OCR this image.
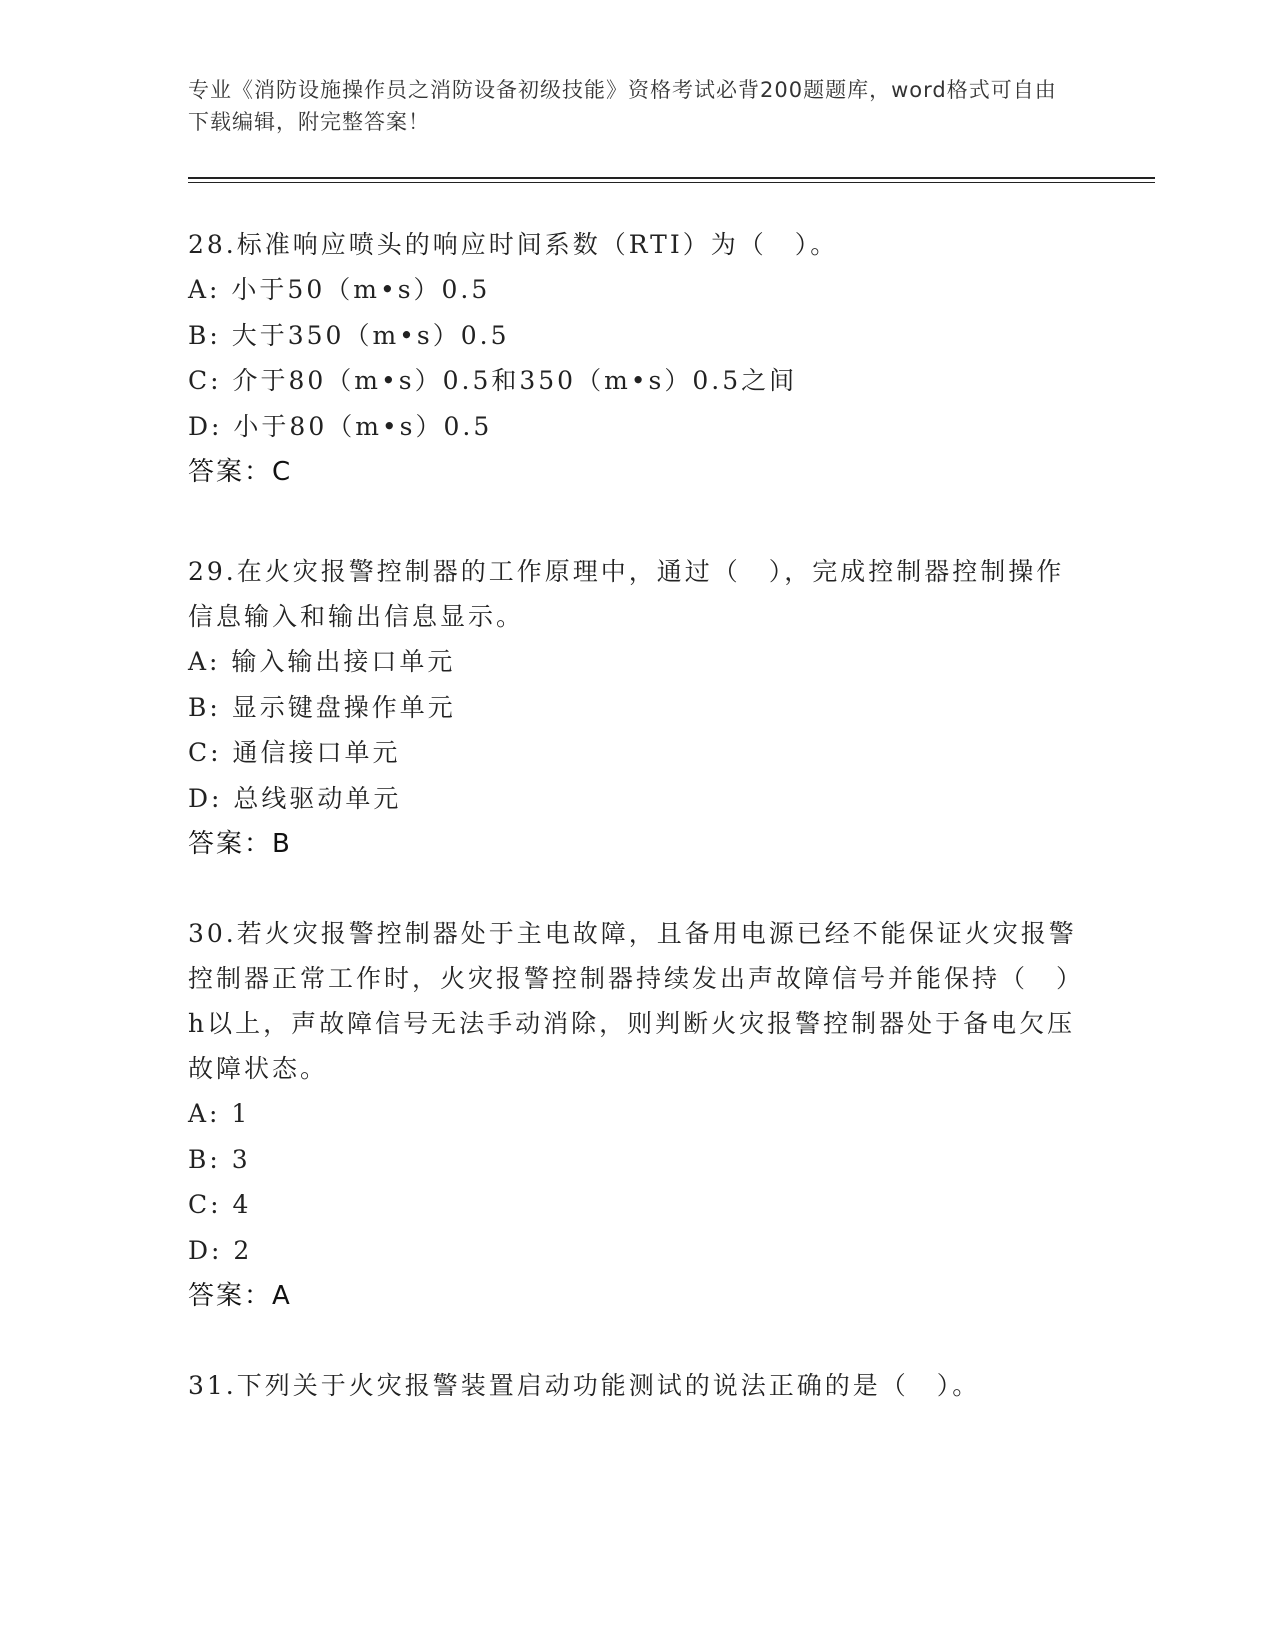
专业《消防设施操作员之消防设备初级技能》资格考试必背200题题库，word格式可自由下载编辑，附完整答案！

28.标准响应喷头的响应时间系数（RTI）为（　）。

A: 小于50（m•s）0.5

B: 大于350（m•s）0.5

C: 介于80（m•s）0.5和350（m•s）0.5之间

D: 小于80（m•s）0.5

答案：C

29.在火灾报警控制器的工作原理中，通过（　），完成控制器控制操作信息输入和输出信息显示。

A: 输入输出接口单元

B: 显示键盘操作单元

C: 通信接口单元

D: 总线驱动单元

答案：B

30.若火灾报警控制器处于主电故障，且备用电源已经不能保证火灾报警控制器正常工作时，火灾报警控制器持续发出声故障信号并能保持（　）h以上，声故障信号无法手动消除，则判断火灾报警控制器处于备电欠压故障状态。

A: 1

B: 3

C: 4

D: 2

答案：A

31.下列关于火灾报警装置启动功能测试的说法正确的是（　）。
